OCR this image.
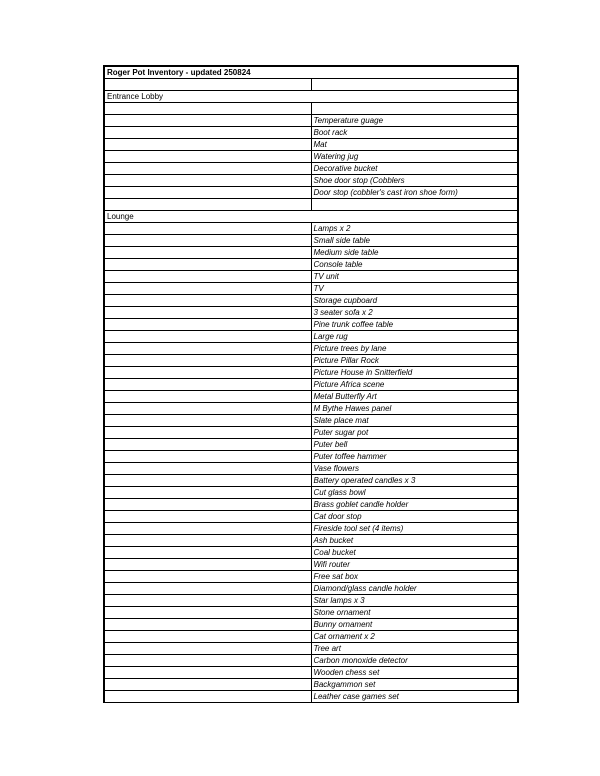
Roger Pot Inventory - updated 250824	

Entrance Lobby	

	Temperature guage
	Boot rack
	Mat
	Watering jug
	Decorative bucket
	Shoe door stop (Cobblers
	Door stop (cobbler's cast iron shoe form)

Lounge	
	Lamps x 2
	Small side table
	Medium side table
	Console table
	TV unit
	TV
	Storage cupboard
	3 seater sofa x 2
	Pine trunk coffee table
	Large rug
	Picture trees by lane
	Picture Pillar Rock
	Picture House in Snitterfield
	Picture Africa scene
	Metal Butterfly Art
	M Bythe Hawes panel
	Slate place mat
	Puter sugar pot
	Puter bell
	Puter toffee hammer
	Vase flowers
	Battery operated candles x 3
	Cut glass bowl
	Brass goblet candle holder
	Cat door stop
	Fireside tool set (4 items)
	Ash bucket
	Coal bucket
	Wifi router
	Free sat box
	Diamond/glass candle holder
	Star lamps x 3
	Stone ornament
	Bunny ornament
	Cat ornament x 2
	Tree art
	Carbon monoxide detector
	Wooden chess set
	Backgammon set
	Leather case games set
